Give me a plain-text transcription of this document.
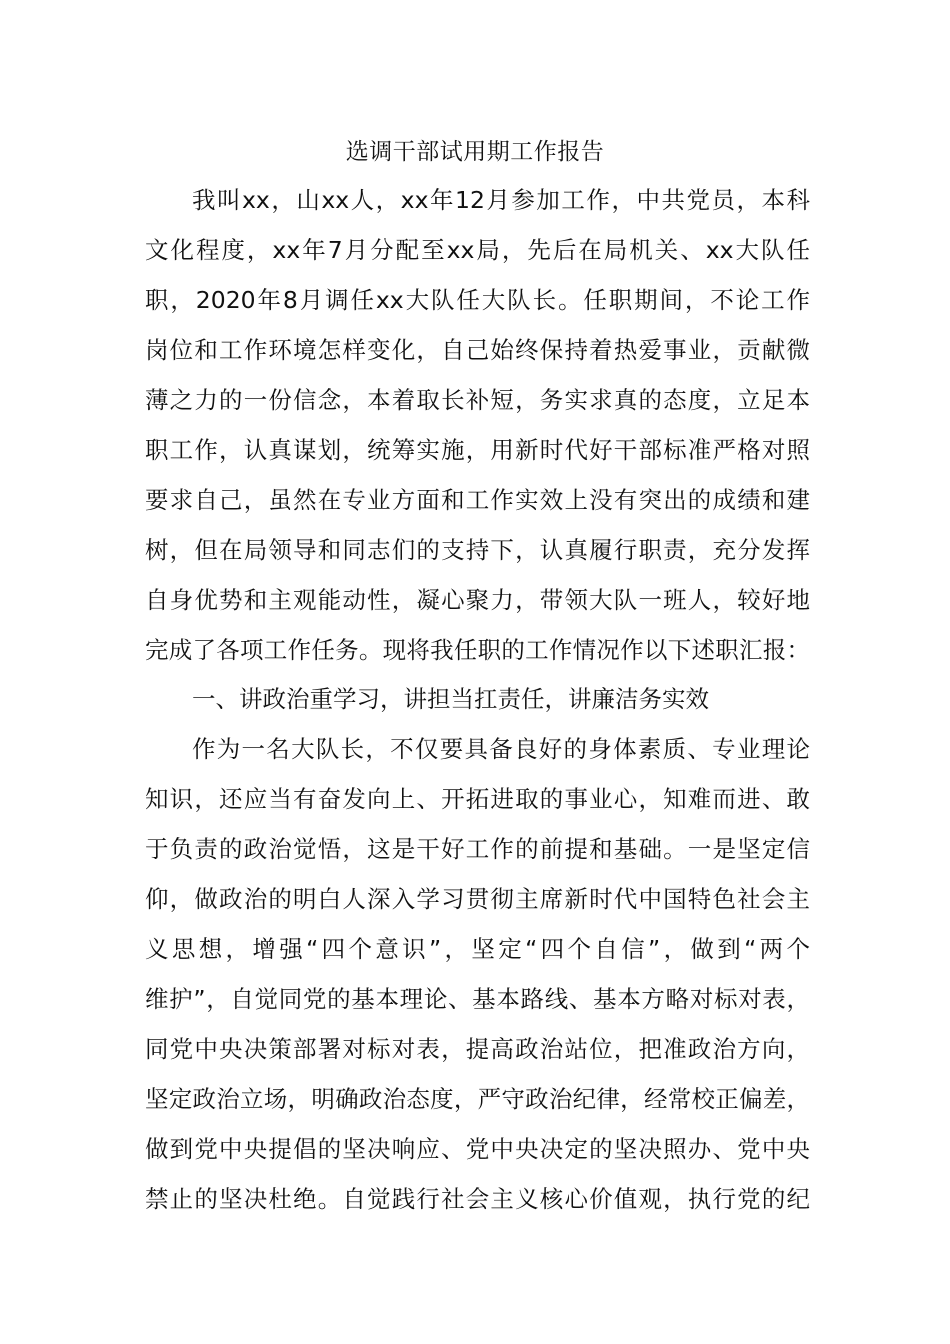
选调干部试用期工作报告
我叫xx，山xx人，xx年12月参加工作，中共党员，本科
文化程度，xx年7月分配至xx局，先后在局机关、xx大队任
职，2020年8月调任xx大队任大队长。任职期间，不论工作
岗位和工作环境怎样变化，自己始终保持着热爱事业，贡献微
薄之力的一份信念，本着取长补短，务实求真的态度，立足本
职工作，认真谋划，统筹实施，用新时代好干部标准严格对照
要求自己，虽然在专业方面和工作实效上没有突出的成绩和建
树，但在局领导和同志们的支持下，认真履行职责，充分发挥
自身优势和主观能动性，凝心聚力，带领大队一班人，较好地
完成了各项工作任务。现将我任职的工作情况作以下述职汇报：
一、讲政治重学习，讲担当扛责任，讲廉洁务实效
作为一名大队长，不仅要具备良好的身体素质、专业理论
知识，还应当有奋发向上、开拓进取的事业心，知难而进、敢
于负责的政治觉悟，这是干好工作的前提和基础。一是坚定信
仰，做政治的明白人深入学习贯彻主席新时代中国特色社会主
义思想，增强“四个意识”，坚定“四个自信”，做到“两个
维护”，自觉同党的基本理论、基本路线、基本方略对标对表，
同党中央决策部署对标对表，提高政治站位，把准政治方向，
坚定政治立场，明确政治态度，严守政治纪律，经常校正偏差，
做到党中央提倡的坚决响应、党中央决定的坚决照办、党中央
禁止的坚决杜绝。自觉践行社会主义核心价值观，执行党的纪
